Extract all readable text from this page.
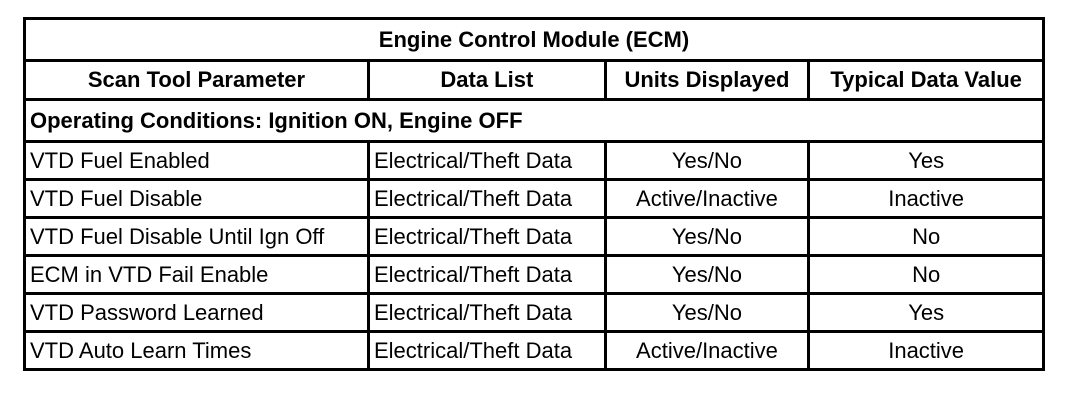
Engine Control Module (ECM)			
Scan Tool Parameter	Data List	Units Displayed	Typical Data Value
Operating Conditions: Ignition ON, Engine OFF			
VTD Fuel Enabled	Electrical/Theft Data	Yes/No	Yes
VTD Fuel Disable	Electrical/Theft Data	Active/Inactive	Inactive
VTD Fuel Disable Until Ign Off	Electrical/Theft Data	Yes/No	No
ECM in VTD Fail Enable	Electrical/Theft Data	Yes/No	No
VTD Password Learned	Electrical/Theft Data	Yes/No	Yes
VTD Auto Learn Times	Electrical/Theft Data	Active/Inactive	Inactive
